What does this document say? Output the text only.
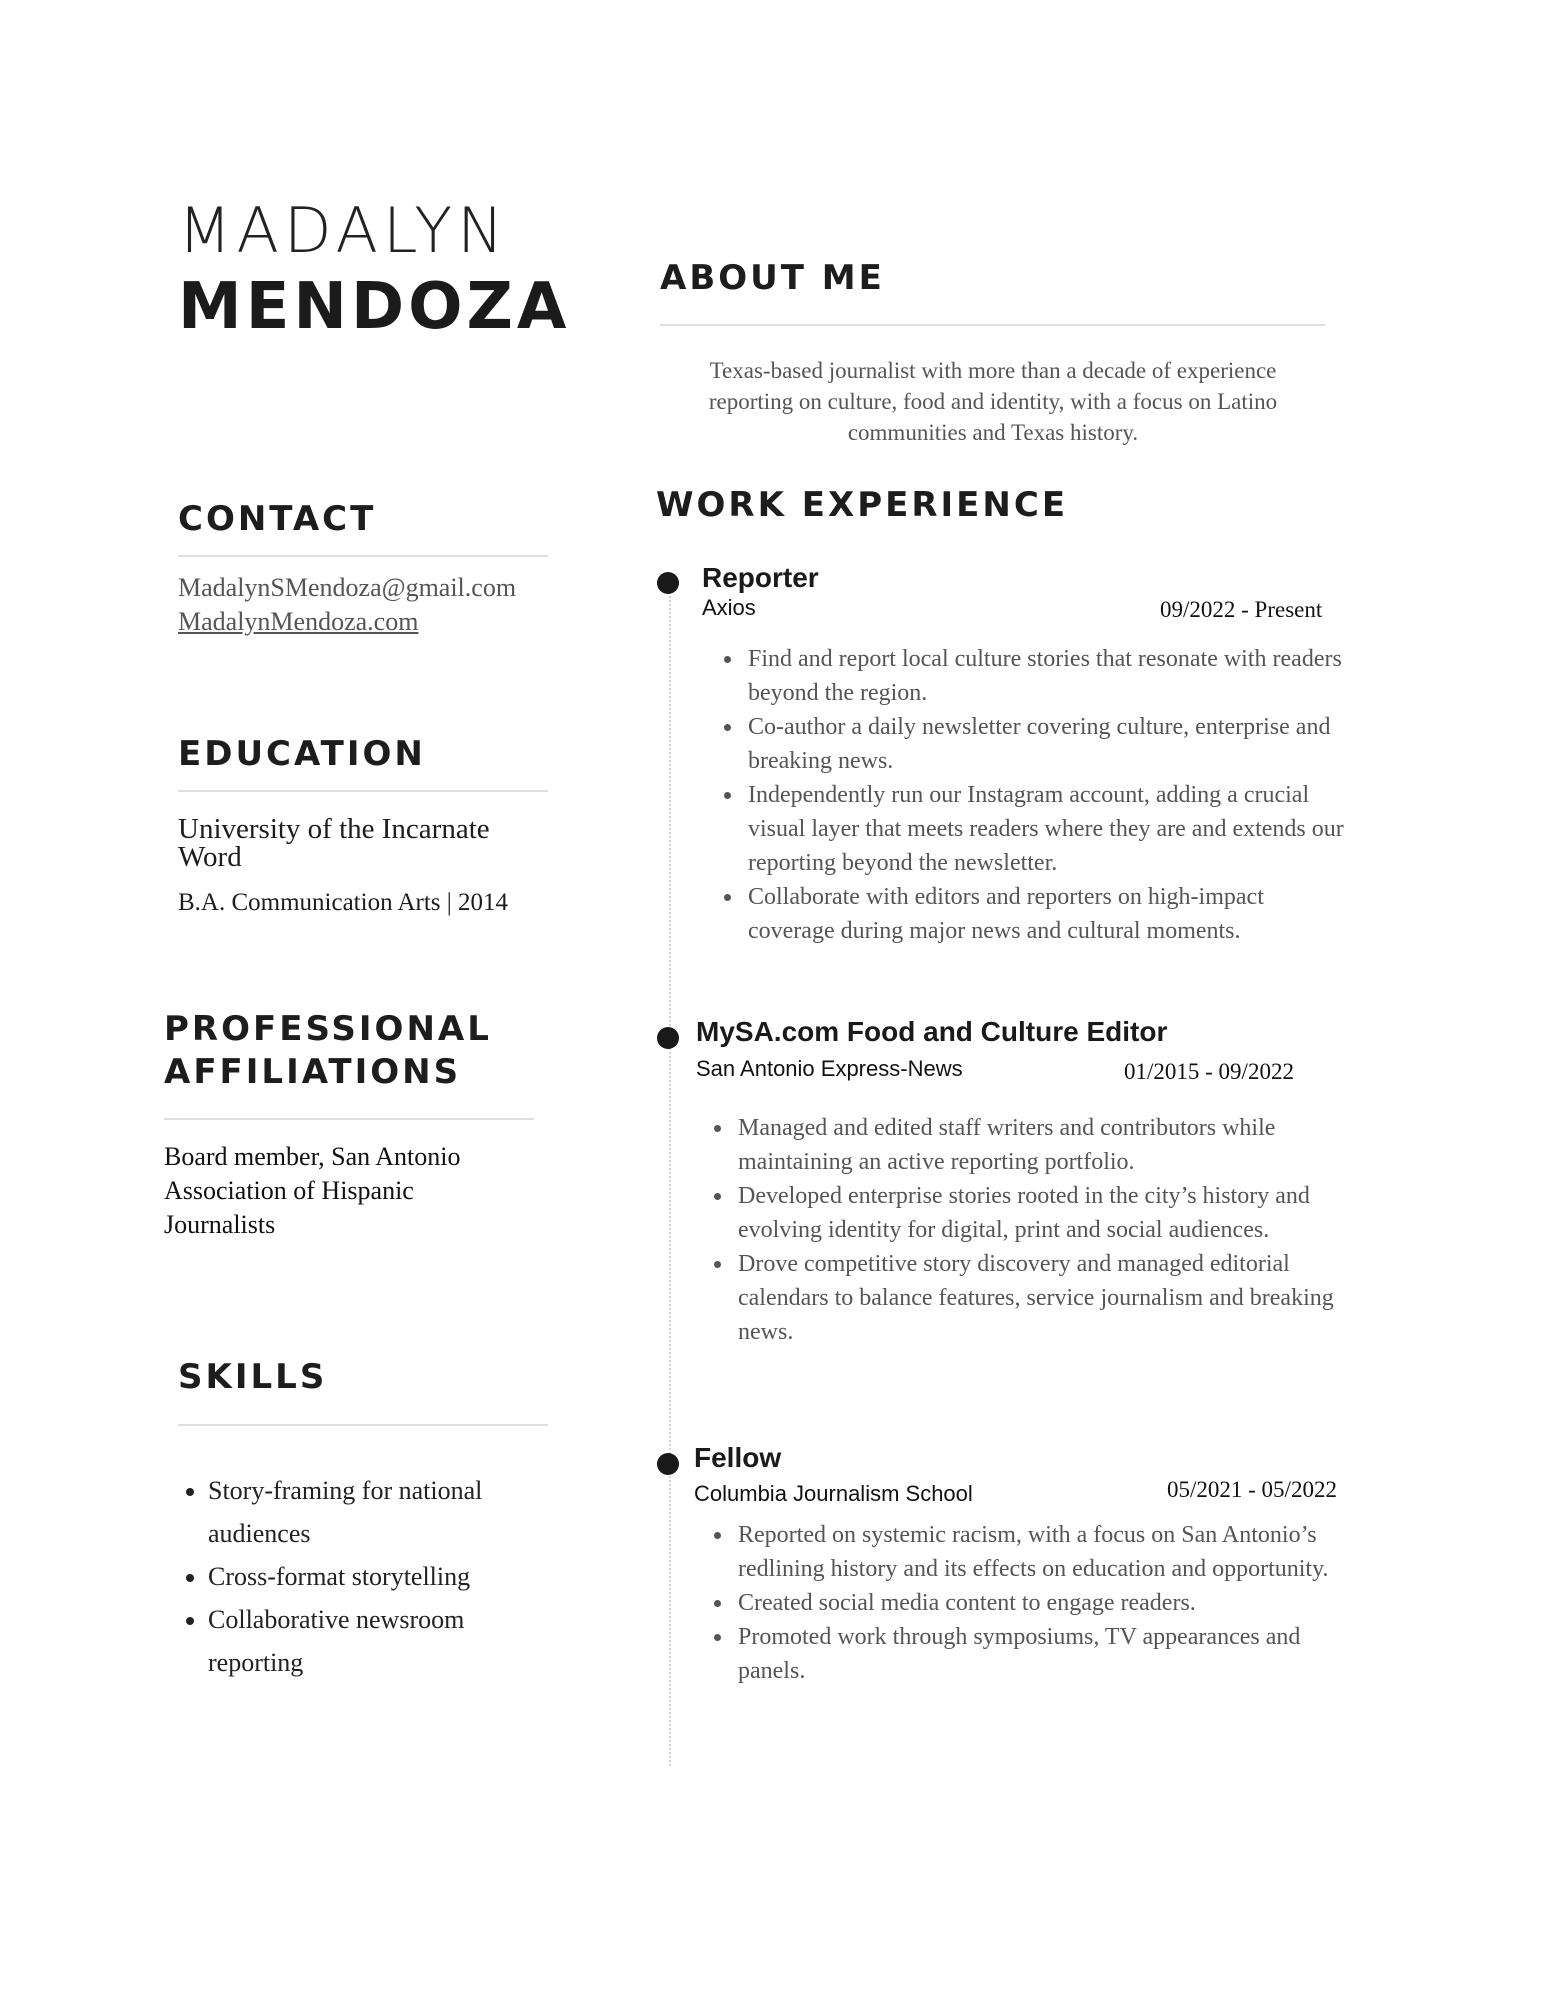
MADALYN
MENDOZA
CONTACT
MadalynSMendoza@gmail.com
MadalynMendoza.com
EDUCATION
University of the Incarnate Word
B.A. Communication Arts | 2014
PROFESSIONAL
AFFILIATIONS
Board member, San Antonio Association of Hispanic Journalists
SKILLS
• Story-framing for national audiences
• Cross-format storytelling
• Collaborative newsroom reporting
ABOUT ME
Texas-based journalist with more than a decade of experience reporting on culture, food and identity, with a focus on Latino communities and Texas history.
WORK EXPERIENCE
Reporter
Axios	09/2022 - Present
• Find and report local culture stories that resonate with readers beyond the region.
• Co-author a daily newsletter covering culture, enterprise and breaking news.
• Independently run our Instagram account, adding a crucial visual layer that meets readers where they are and extends our reporting beyond the newsletter.
• Collaborate with editors and reporters on high-impact coverage during major news and cultural moments.
MySA.com Food and Culture Editor
San Antonio Express-News	01/2015 - 09/2022
• Managed and edited staff writers and contributors while maintaining an active reporting portfolio.
• Developed enterprise stories rooted in the city’s history and evolving identity for digital, print and social audiences.
• Drove competitive story discovery and managed editorial calendars to balance features, service journalism and breaking news.
Fellow
Columbia Journalism School	05/2021 - 05/2022
• Reported on systemic racism, with a focus on San Antonio’s redlining history and its effects on education and opportunity.
• Created social media content to engage readers.
• Promoted work through symposiums, TV appearances and panels.
